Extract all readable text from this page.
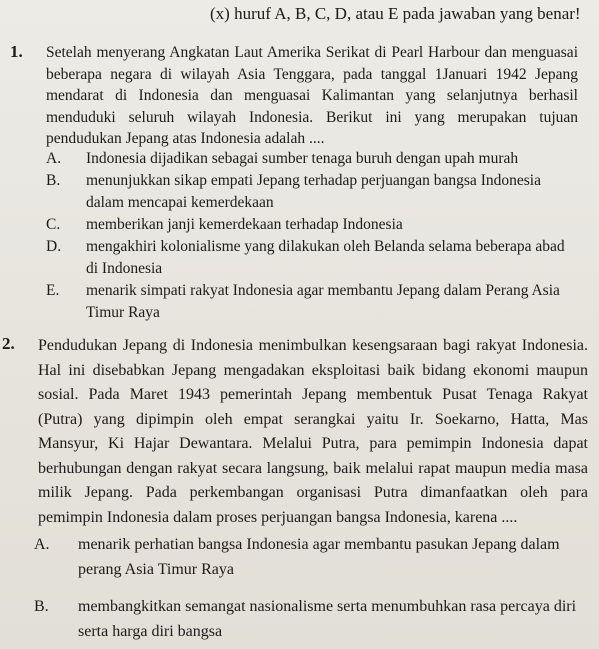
(x) huruf A, B, C, D, atau E pada jawaban yang benar!
1. Setelah menyerang Angkatan Laut Amerika Serikat di Pearl Harbour dan menguasai
beberapa negara di wilayah Asia Tenggara, pada tanggal 1Januari 1942 Jepang
mendarat di Indonesia dan menguasai Kalimantan yang selanjutnya berhasil
menduduki seluruh wilayah Indonesia. Berikut ini yang merupakan tujuan
pendudukan Jepang atas Indonesia adalah ....
A.	Indonesia dijadikan sebagai sumber tenaga buruh dengan upah murah
B.	menunjukkan sikap empati Jepang terhadap perjuangan bangsa Indonesia
dalam mencapai kemerdekaan
C.	memberikan janji kemerdekaan terhadap Indonesia
D.	mengakhiri kolonialisme yang dilakukan oleh Belanda selama beberapa abad
di Indonesia
E.	menarik simpati rakyat Indonesia agar membantu Jepang dalam Perang Asia
Timur Raya
2. Pendudukan Jepang di Indonesia menimbulkan kesengsaraan bagi rakyat Indonesia.
Hal ini disebabkan Jepang mengadakan eksploitasi baik bidang ekonomi maupun
sosial. Pada Maret 1943 pemerintah Jepang membentuk Pusat Tenaga Rakyat
(Putra) yang dipimpin oleh empat serangkai yaitu Ir. Soekarno, Hatta, Mas
Mansyur, Ki Hajar Dewantara. Melalui Putra, para pemimpin Indonesia dapat
berhubungan dengan rakyat secara langsung, baik melalui rapat maupun media masa
milik Jepang. Pada perkembangan organisasi Putra dimanfaatkan oleh para
pemimpin Indonesia dalam proses perjuangan bangsa Indonesia, karena ....
A.	menarik perhatian bangsa Indonesia agar membantu pasukan Jepang dalam
perang Asia Timur Raya
B.	membangkitkan semangat nasionalisme serta menumbuhkan rasa percaya diri
serta harga diri bangsa
